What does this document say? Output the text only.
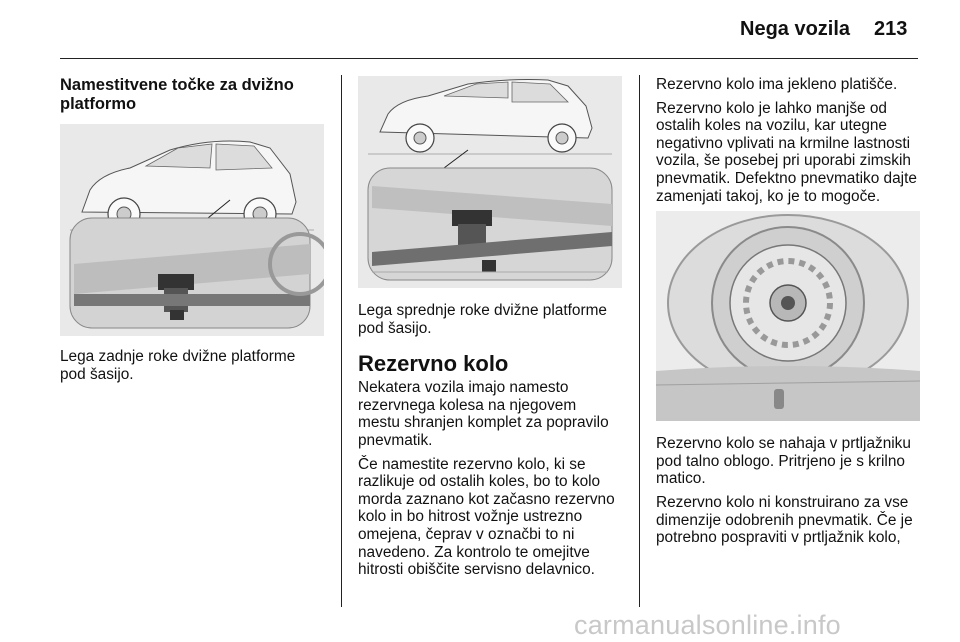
Nega vozila 213
Namestitvene točke za dvižno platformo

Lega zadnje roke dvižne platforme pod šasijo.

Lega sprednje roke dvižne platforme pod šasijo.

Rezervno kolo

Nekatera vozila imajo namesto rezervnega kolesa na njegovem mestu shranjen komplet za popravilo pnevmatik.

Če namestite rezervno kolo, ki se razlikuje od ostalih koles, bo to kolo morda zaznano kot začasno rezervno kolo in bo hitrost vožnje ustrezno omejena, čeprav v označbi to ni navedeno. Za kontrolo te omejitve hitrosti obiščite servisno delavnico.

Rezervno kolo ima jekleno platišče.

Rezervno kolo je lahko manjše od ostalih koles na vozilu, kar utegne negativno vplivati na krmilne lastnosti vozila, še posebej pri uporabi zimskih pnevmatik. Defektno pnevmatiko dajte zamenjati takoj, ko je to mogoče.

Rezervno kolo se nahaja v prtljažniku pod talno oblogo. Pritrjeno je s krilno matico.

Rezervno kolo ni konstruirano za vse dimenzije odobrenih pnevmatik. Če je potrebno pospraviti v prtljažnik kolo,

carmanualsonline.info
